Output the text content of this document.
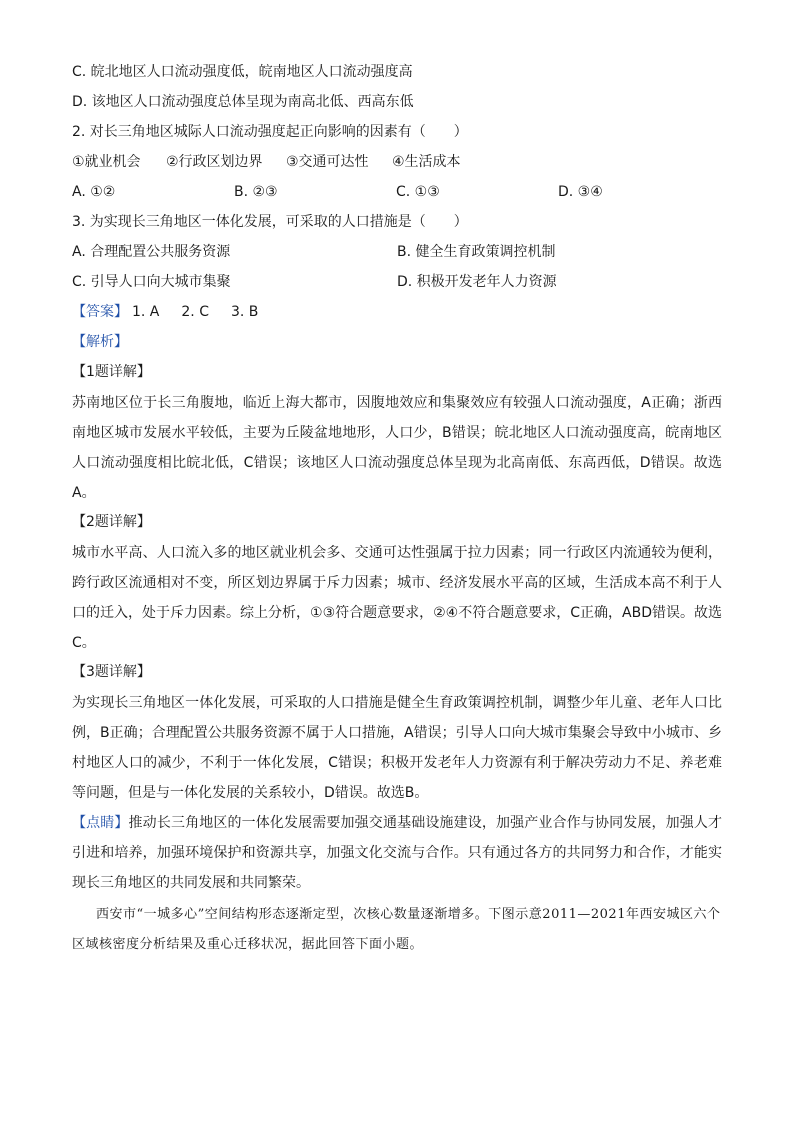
C. 皖北地区人口流动强度低，皖南地区人口流动强度高
D. 该地区人口流动强度总体呈现为南高北低、西高东低
2. 对长三角地区城际人口流动强度起正向影响的因素有（　　）
①就业机会	②行政区划边界	③交通可达性	④生活成本
A. ①②	B. ②③	C. ①③	D. ③④
3. 为实现长三角地区一体化发展，可采取的人口措施是（　　）
A. 合理配置公共服务资源	B. 健全生育政策调控机制
C. 引导人口向大城市集聚	D. 积极开发老年人力资源
【答案】 1. A 2. C 3. B
【解析】
【1题详解】
苏南地区位于长三角腹地，临近上海大都市，因腹地效应和集聚效应有较强人口流动强度，A正确；浙西南地区城市发展水平较低，主要为丘陵盆地地形，人口少，B错误；皖北地区人口流动强度高，皖南地区人口流动强度相比皖北低，C错误；该地区人口流动强度总体呈现为北高南低、东高西低，D错误。故选A。
【2题详解】
城市水平高、人口流入多的地区就业机会多、交通可达性强属于拉力因素；同一行政区内流通较为便利，跨行政区流通相对不变，所区划边界属于斥力因素；城市、经济发展水平高的区域，生活成本高不利于人口的迁入，处于斥力因素。综上分析，①③符合题意要求，②④不符合题意要求，C正确，ABD错误。故选C。
【3题详解】
为实现长三角地区一体化发展，可采取的人口措施是健全生育政策调控机制，调整少年儿童、老年人口比例，B正确；合理配置公共服务资源不属于人口措施，A错误；引导人口向大城市集聚会导致中小城市、乡村地区人口的减少，不利于一体化发展，C错误；积极开发老年人力资源有利于解决劳动力不足、养老难等问题，但是与一体化发展的关系较小，D错误。故选B。
【点睛】推动长三角地区的一体化发展需要加强交通基础设施建设，加强产业合作与协同发展，加强人才引进和培养，加强环境保护和资源共享，加强文化交流与合作。只有通过各方的共同努力和合作，才能实现长三角地区的共同发展和共同繁荣。
西安市“一城多心”空间结构形态逐渐定型，次核心数量逐渐增多。下图示意2011—2021年西安城区六个区域核密度分析结果及重心迁移状况，据此回答下面小题。
